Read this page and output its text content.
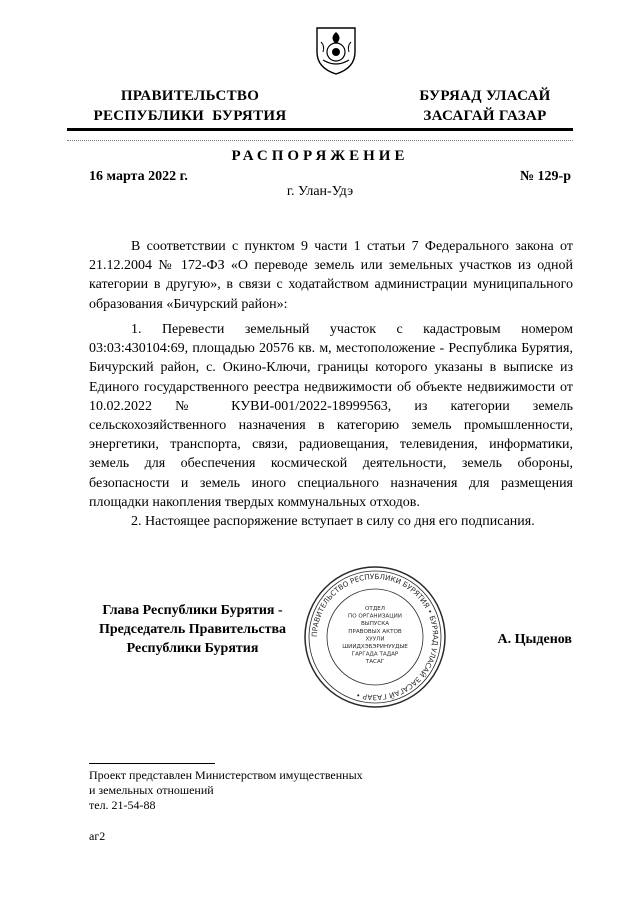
ПРАВИТЕЛЬСТВО
РЕСПУБЛИКИ  БУРЯТИЯ
БУРЯАД УЛАСАЙ
ЗАСАГАЙ ГАЗАР
РАСПОРЯЖЕНИЕ
16 марта 2022 г.	№ 129-р
г. Улан-Удэ

В соответствии с пунктом 9 части 1 статьи 7 Федерального закона от 21.12.2004 № 172-ФЗ «О переводе земель или земельных участков из одной категории в другую», в связи с ходатайством администрации муниципального образования «Бичурский район»:

1. Перевести земельный участок с кадастровым номером 03:03:430104:69, площадью 20576 кв. м, местоположение - Республика Бурятия, Бичурский район, с. Окино-Ключи, границы которого указаны в выписке из Единого государственного реестра недвижимости об объекте недвижимости от 10.02.2022 № КУВИ-001/2022-18999563, из категории земель сельскохозяйственного назначения в категорию земель промышленности, энергетики, транспорта, связи, радиовещания, телевидения, информатики, земель для обеспечения космической деятельности, земель обороны, безопасности и земель иного специального назначения для размещения площадки накопления твердых коммунальных отходов.

2. Настоящее распоряжение вступает в силу со дня его подписания.

ПРАВИТЕЛЬСТВО РЕСПУБЛИКИ БУРЯТИЯ • БУРЯАД УЛАСАЙ ЗАСАГАЙ ГАЗАР •
ОТДЕЛ
ПО ОРГАНИЗАЦИИ
ВЫПУСКА
ПРАВОВЫХ АКТОВ
ХУУЛИ
ШИИДХЭБЭРИНУУДЫЕ
ГАРГАДА ТАДАР
ТАСАГ
Глава Республики Бурятия -
Председатель Правительства
Республики Бурятия
А. Цыденов
Проект представлен Министерством имущественных
и земельных отношений
тел. 21-54-88
аг2
